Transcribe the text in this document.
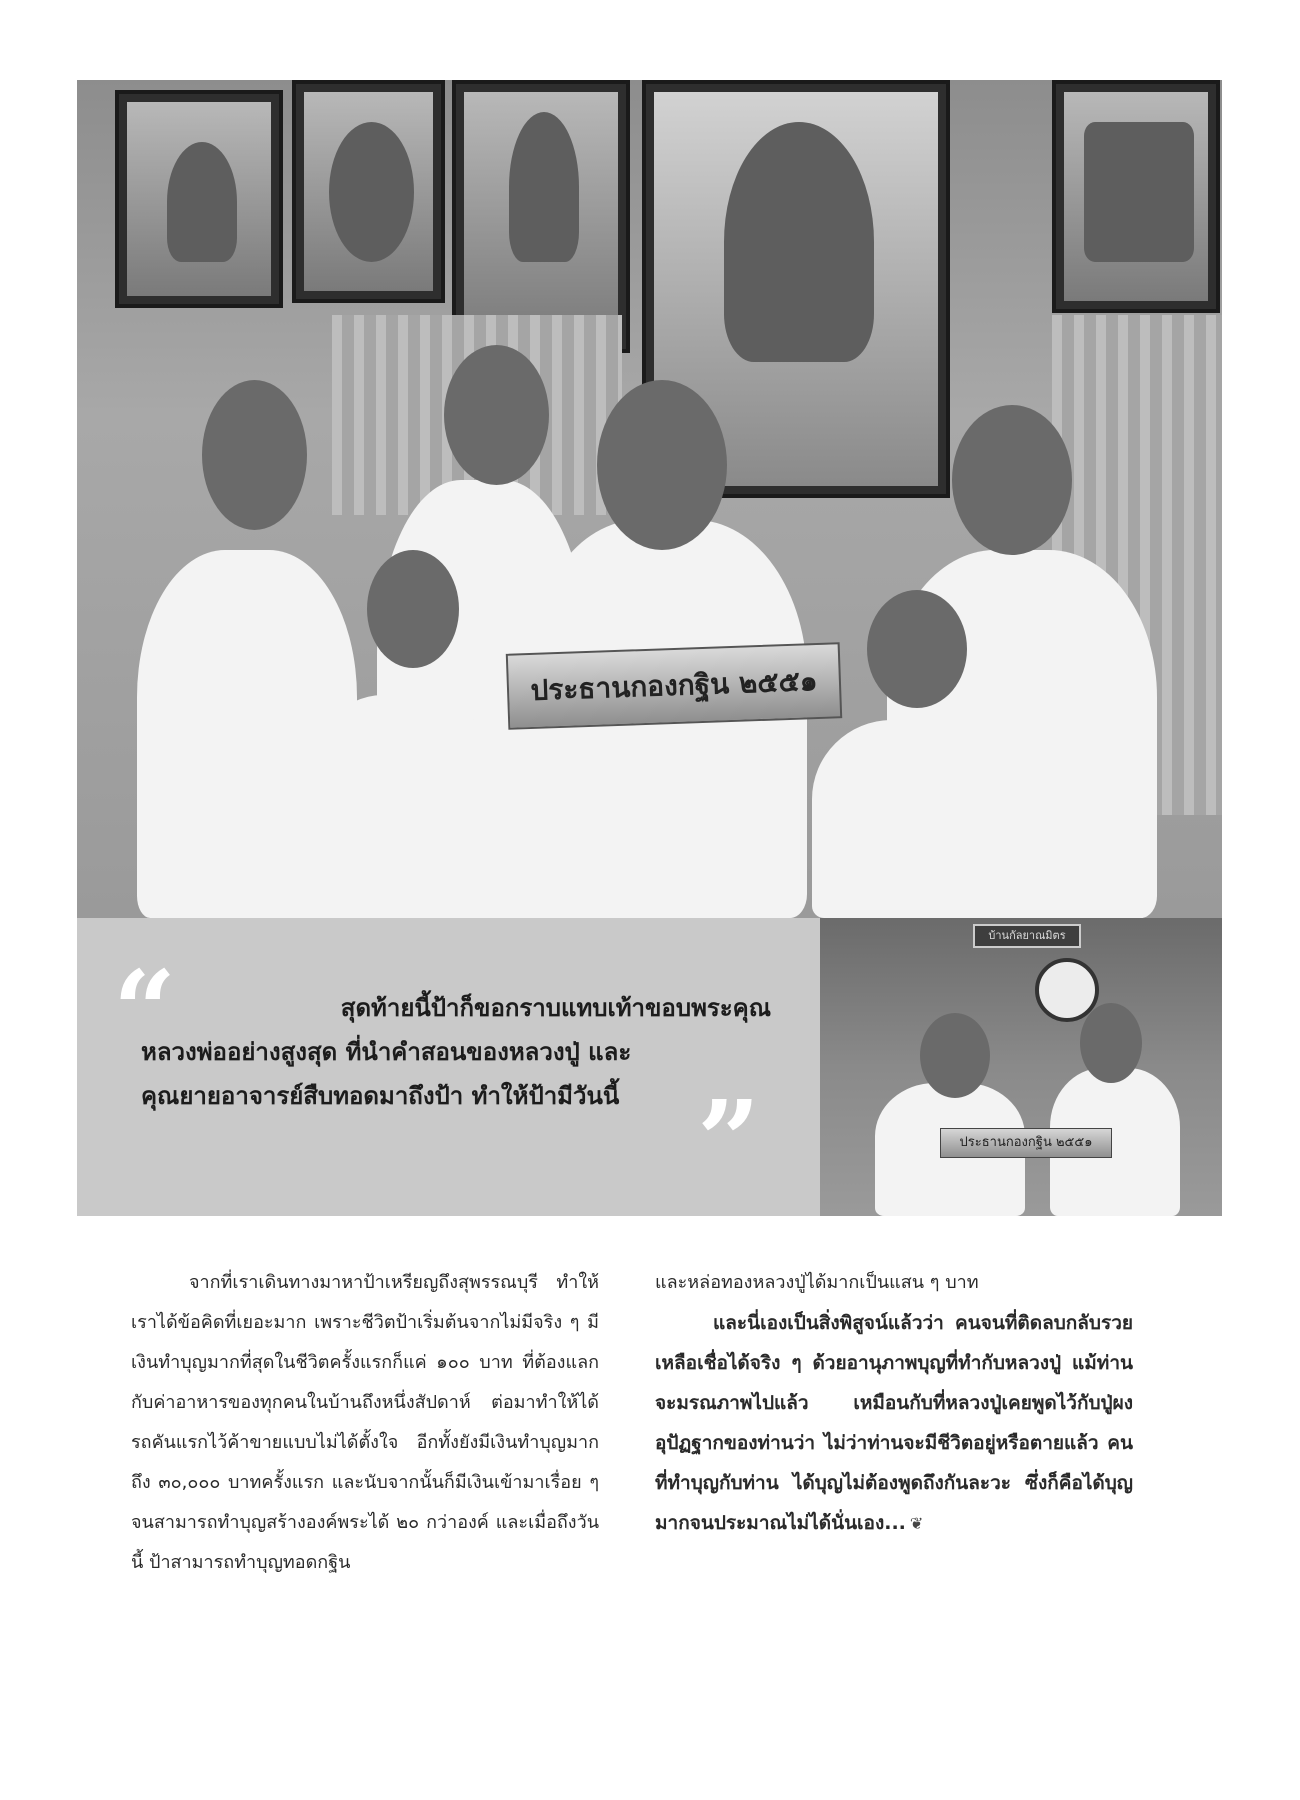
ประธานกองกฐิน ๒๕๕๑
“	สุดท้ายนี้ป้าก็ขอกราบแทบเท้าขอบพระคุณ
หลวงพ่ออย่างสูงสุด ที่นำคำสอนของหลวงปู่ และ
คุณยายอาจารย์สืบทอดมาถึงป้า ทำให้ป้ามีวันนี้ ”
บ้านกัลยาณมิตร
ประธานกองกฐิน ๒๕๕๑

จากที่เราเดินทางมาหาป้าเหรียญถึงสุพรรณบุรี ทำให้เราได้ข้อคิดที่เยอะมาก เพราะชีวิตป้าเริ่มต้นจากไม่มีจริง ๆ มีเงินทำบุญมากที่สุดในชีวิตครั้งแรกก็แค่ ๑๐๐ บาท ที่ต้องแลกกับค่าอาหารของทุกคนในบ้านถึงหนึ่งสัปดาห์ ต่อมาทำให้ได้รถคันแรกไว้ค้าขายแบบไม่ได้ตั้งใจ อีกทั้งยังมีเงินทำบุญมากถึง ๓๐,๐๐๐ บาทครั้งแรก และนับจากนั้นก็มีเงินเข้ามาเรื่อย ๆ จนสามารถทำบุญสร้างองค์พระได้ ๒๐ กว่าองค์ และเมื่อถึงวันนี้ ป้าสามารถทำบุญทอดกฐิน

และหล่อทองหลวงปู่ได้มากเป็นแสน ๆ บาท

และนี่เองเป็นสิ่งพิสูจน์แล้วว่า คนจนที่ติดลบกลับรวยเหลือเชื่อได้จริง ๆ ด้วยอานุภาพบุญที่ทำกับหลวงปู่ แม้ท่านจะมรณภาพไปแล้ว เหมือนกับที่หลวงปู่เคยพูดไว้กับปู่ผงอุปัฏฐากของท่านว่า ไม่ว่าท่านจะมีชีวิตอยู่หรือตายแล้ว คนที่ทำบุญกับท่าน ได้บุญไม่ต้องพูดถึงกันละวะ ซึ่งก็คือได้บุญมากจนประมาณไม่ได้นั่นเอง... ❦
